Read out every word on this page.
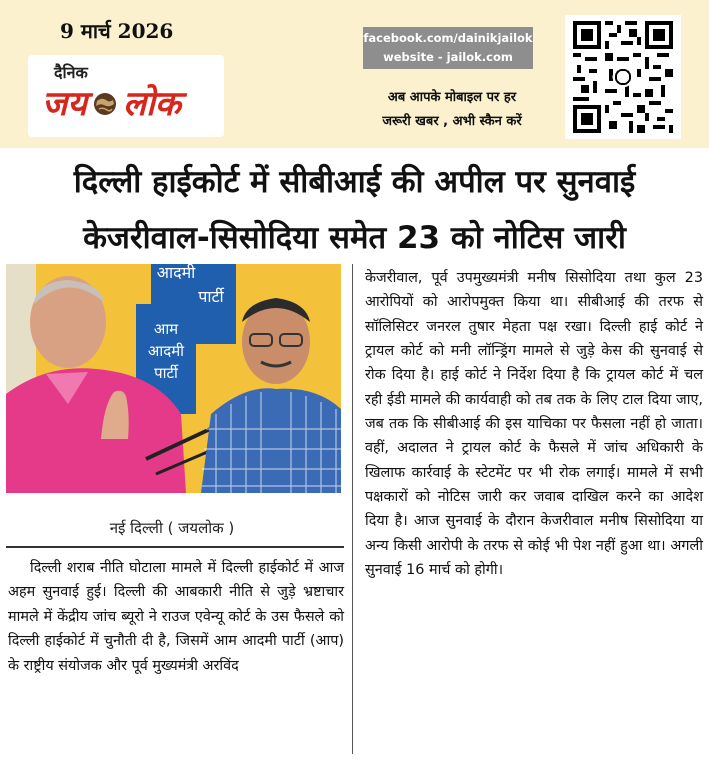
9 मार्च 2026
दैनिक
जय लोक
facebook.com/dainikjailok
website - jailok.com
अब आपके मोबाइल पर हर
जरूरी खबर , अभी स्कैन करें
दिल्ली हाईकोर्ट में सीबीआई की अपील पर सुनवाई
केजरीवाल-सिसोदिया समेत 23 को नोटिस जारी
आदमी
पार्टी
आम
आदमी
पार्टी
नई दिल्ली ( जयलोक )

दिल्ली शराब नीति घोटाला मामले में दिल्ली हाईकोर्ट में आज अहम सुनवाई हुई। दिल्ली की आबकारी नीति से जुड़े भ्रष्टाचार मामले में केंद्रीय जांच ब्यूरो ने राउज एवेन्यू कोर्ट के उस फैसले को दिल्ली हाईकोर्ट में चुनौती दी है, जिसमें आम आदमी पार्टी (आप) के राष्ट्रीय संयोजक और पूर्व मुख्यमंत्री अरविंद

केजरीवाल, पूर्व उपमुख्यमंत्री मनीष सिसोदिया तथा कुल 23 आरोपियों को आरोपमुक्त किया था। सीबीआई की तरफ से सॉलिसिटर जनरल तुषार मेहता पक्ष रखा। दिल्ली हाई कोर्ट ने ट्रायल कोर्ट को मनी लॉन्ड्रिंग मामले से जुड़े केस की सुनवाई से रोक दिया है। हाई कोर्ट ने निर्देश दिया है कि ट्रायल कोर्ट में चल रही ईडी मामले की कार्यवाही को तब तक के लिए टाल दिया जाए, जब तक कि सीबीआई की इस याचिका पर फैसला नहीं हो जाता। वहीं, अदालत ने ट्रायल कोर्ट के फैसले में जांच अधिकारी के खिलाफ कार्रवाई के स्टेटमेंट पर भी रोक लगाई। मामले में सभी पक्षकारों को नोटिस जारी कर जवाब दाखिल करने का आदेश दिया है। आज सुनवाई के दौरान केजरीवाल मनीष सिसोदिया या अन्य किसी आरोपी के तरफ से कोई भी पेश नहीं हुआ था। अगली सुनवाई 16 मार्च को होगी।
